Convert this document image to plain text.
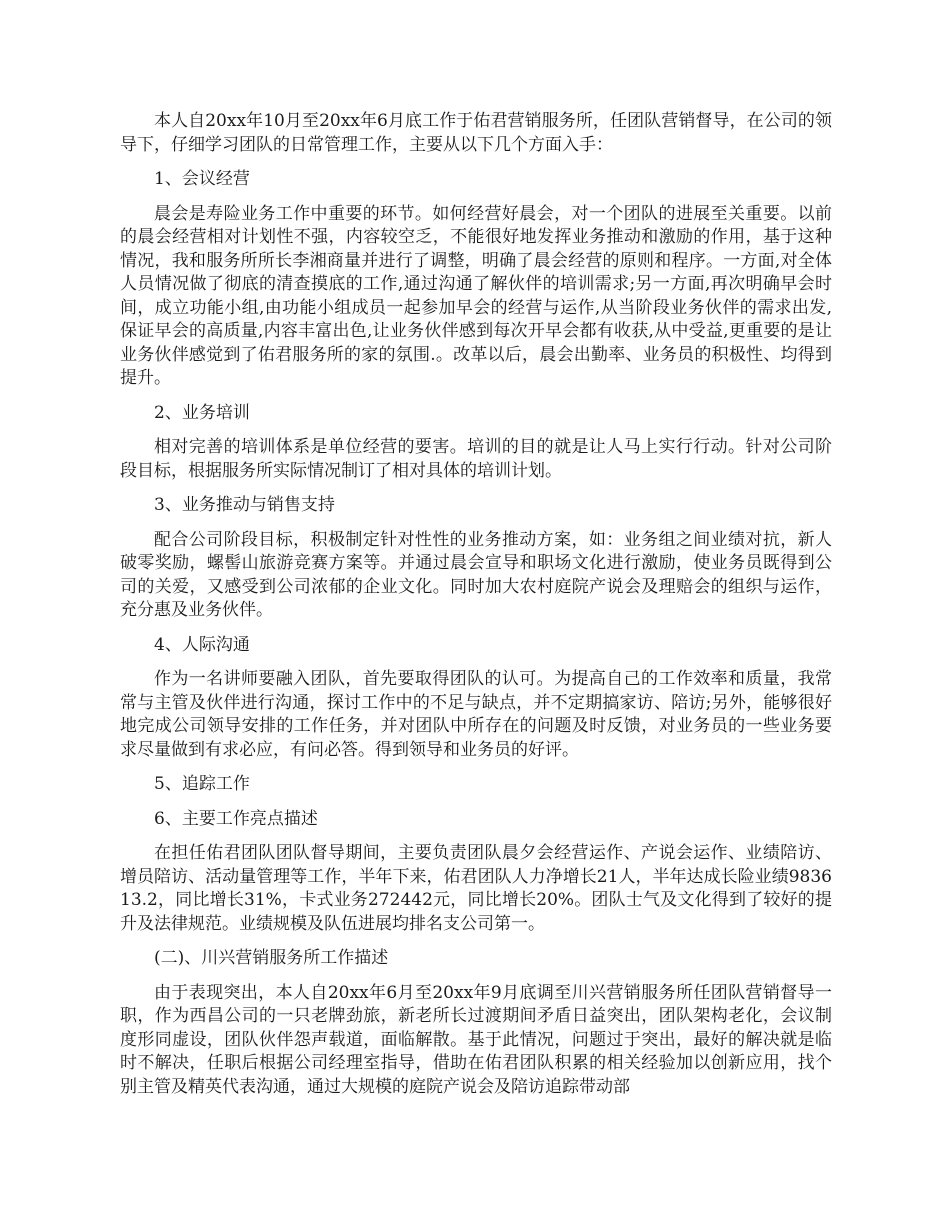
本人自20xx年10月至20xx年6月底工作于佑君营销服务所，任团队营销督导，在公司的领导下，仔细学习团队的日常管理工作，主要从以下几个方面入手：

1、会议经营

晨会是寿险业务工作中重要的环节。如何经营好晨会，对一个团队的进展至关重要。以前的晨会经营相对计划性不强，内容较空乏，不能很好地发挥业务推动和激励的作用，基于这种情况，我和服务所所长李湘商量并进行了调整，明确了晨会经营的原则和程序。一方面,对全体人员情况做了彻底的清查摸底的工作,通过沟通了解伙伴的培训需求;另一方面,再次明确早会时间，成立功能小组,由功能小组成员一起参加早会的经营与运作,从当阶段业务伙伴的需求出发,保证早会的高质量,内容丰富出色,让业务伙伴感到每次开早会都有收获,从中受益,更重要的是让业务伙伴感觉到了佑君服务所的家的氛围.。改革以后，晨会出勤率、业务员的积极性、均得到提升。

2、业务培训

相对完善的培训体系是单位经营的要害。培训的目的就是让人马上实行行动。针对公司阶段目标，根据服务所实际情况制订了相对具体的培训计划。

3、业务推动与销售支持

配合公司阶段目标，积极制定针对性性的业务推动方案，如：业务组之间业绩对抗，新人破零奖励，螺髻山旅游竞赛方案等。并通过晨会宣导和职场文化进行激励，使业务员既得到公司的关爱，又感受到公司浓郁的企业文化。同时加大农村庭院产说会及理赔会的组织与运作，充分惠及业务伙伴。

4、人际沟通

作为一名讲师要融入团队，首先要取得团队的认可。为提高自己的工作效率和质量，我常常与主管及伙伴进行沟通，探讨工作中的不足与缺点，并不定期搞家访、陪访;另外，能够很好地完成公司领导安排的工作任务，并对团队中所存在的问题及时反馈，对业务员的一些业务要求尽量做到有求必应，有问必答。得到领导和业务员的好评。

5、追踪工作

6、主要工作亮点描述

在担任佑君团队团队督导期间，主要负责团队晨夕会经营运作、产说会运作、业绩陪访、增员陪访、活动量管理等工作，半年下来，佑君团队人力净增长21人，半年达成长险业绩983613.2，同比增长31%，卡式业务272442元，同比增长20%。团队士气及文化得到了较好的提升及法律规范。业绩规模及队伍进展均排名支公司第一。

(二)、川兴营销服务所工作描述

由于表现突出，本人自20xx年6月至20xx年9月底调至川兴营销服务所任团队营销督导一职，作为西昌公司的一只老牌劲旅，新老所长过渡期间矛盾日益突出，团队架构老化，会议制度形同虚设，团队伙伴怨声载道，面临解散。基于此情况，问题过于突出，最好的解决就是临时不解决，任职后根据公司经理室指导，借助在佑君团队积累的相关经验加以创新应用，找个别主管及精英代表沟通，通过大规模的庭院产说会及陪访追踪带动部
